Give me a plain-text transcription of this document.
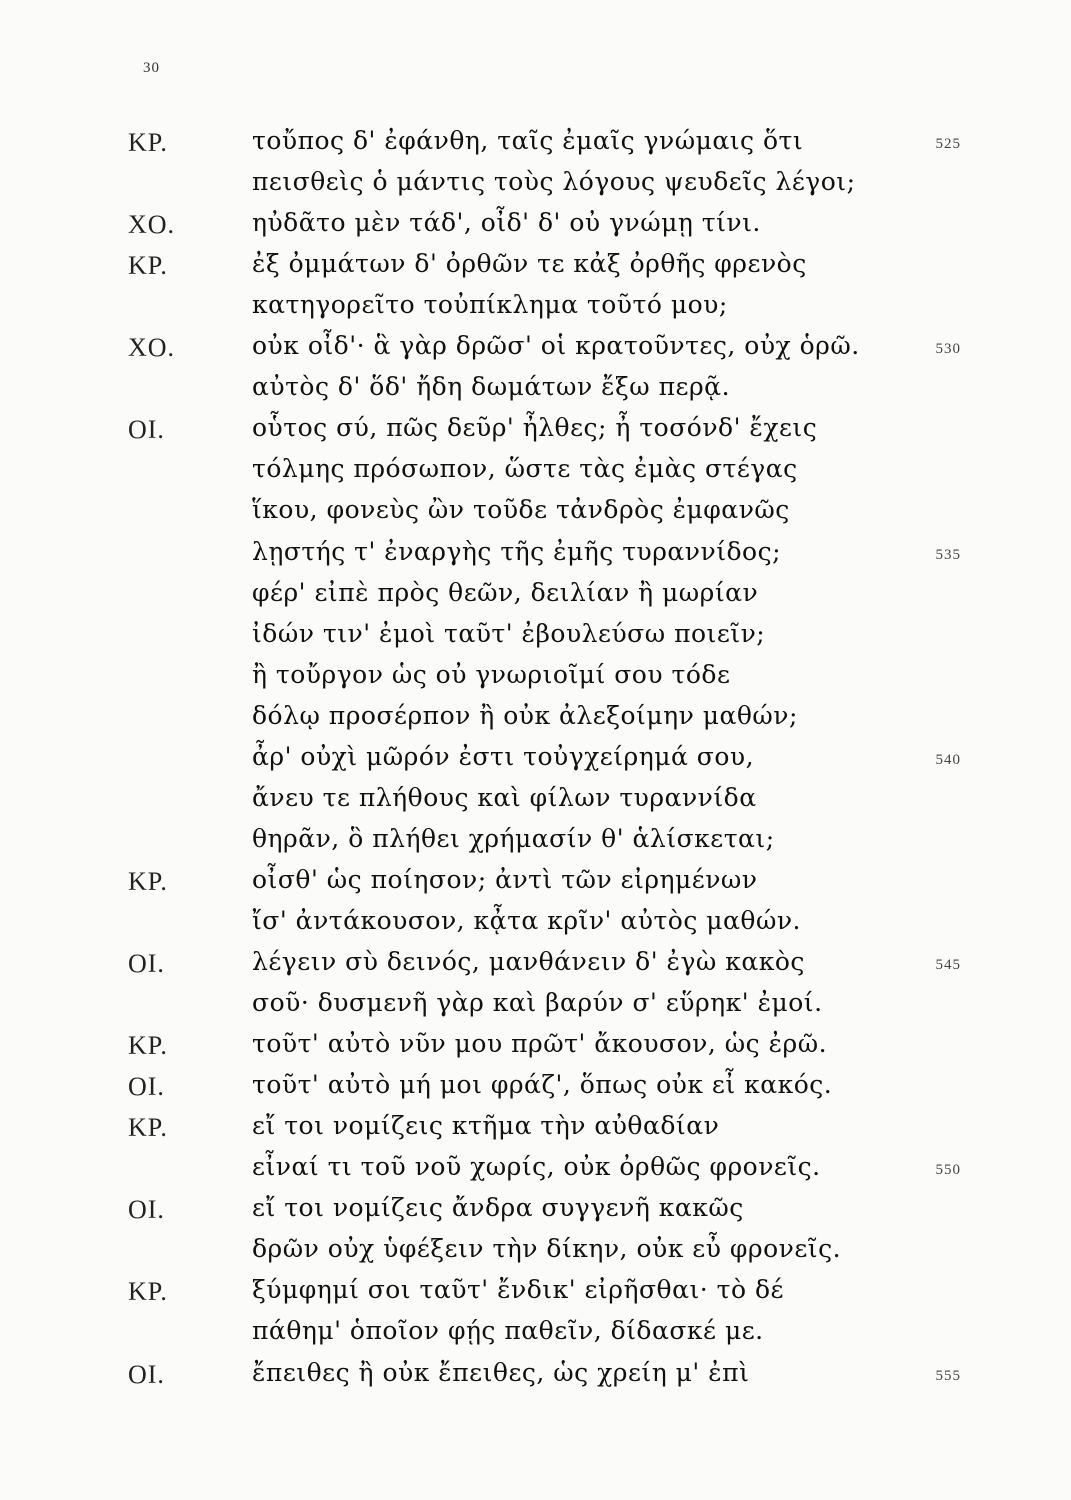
30
ΚΡ.	τοὔπος δ' ἐφάνθη, ταῖς ἐμαῖς γνώμαις ὅτι	525
πεισθεὶς ὁ μάντις τοὺς λόγους ψευδεῖς λέγοι;
ΧΟ.	ηὐδᾶτο μὲν τάδ', οἶδ' δ' οὐ γνώμῃ τίνι.
ΚΡ.	ἐξ ὀμμάτων δ' ὀρθῶν τε κἀξ ὀρθῆς φρενὸς
κατηγορεῖτο τοὐπίκλημα τοῦτό μου;
ΧΟ.	οὐκ οἶδ'· ἃ γὰρ δρῶσ' οἱ κρατοῦντες, οὐχ ὁρῶ.	530
αὐτὸς δ' ὅδ' ἤδη δωμάτων ἔξω περᾷ.
ΟΙ.	οὗτος σύ, πῶς δεῦρ' ἦλθες; ἦ τοσόνδ' ἔχεις
τόλμης πρόσωπον, ὥστε τὰς ἐμὰς στέγας
ἵκου, φονεὺς ὢν τοῦδε τἀνδρὸς ἐμφανῶς
λῃστής τ' ἐναργὴς τῆς ἐμῆς τυραννίδος;	535
φέρ' εἰπὲ πρὸς θεῶν, δειλίαν ἢ μωρίαν
ἰδών τιν' ἐμοὶ ταῦτ' ἐβουλεύσω ποιεῖν;
ἢ τοὔργον ὡς οὐ γνωριοῖμί σου τόδε
δόλῳ προσέρπον ἢ οὐκ ἀλεξοίμην μαθών;
ἆρ' οὐχὶ μῶρόν ἐστι τοὐγχείρημά σου,	540
ἄνευ τε πλήθους καὶ φίλων τυραννίδα
θηρᾶν, ὃ πλήθει χρήμασίν θ' ἁλίσκεται;
ΚΡ.	οἶσθ' ὡς ποίησον; ἀντὶ τῶν εἰρημένων
ἴσ' ἀντάκουσον, κᾆτα κρῖν' αὐτὸς μαθών.
ΟΙ.	λέγειν σὺ δεινός, μανθάνειν δ' ἐγὼ κακὸς	545
σοῦ· δυσμενῆ γὰρ καὶ βαρύν σ' εὕρηκ' ἐμοί.
ΚΡ.	τοῦτ' αὐτὸ νῦν μου πρῶτ' ἄκουσον, ὡς ἐρῶ.
ΟΙ.	τοῦτ' αὐτὸ μή μοι φράζ', ὅπως οὐκ εἶ κακός.
ΚΡ.	εἴ τοι νομίζεις κτῆμα τὴν αὐθαδίαν
εἶναί τι τοῦ νοῦ χωρίς, οὐκ ὀρθῶς φρονεῖς.	550
ΟΙ.	εἴ τοι νομίζεις ἄνδρα συγγενῆ κακῶς
δρῶν οὐχ ὑφέξειν τὴν δίκην, οὐκ εὖ φρονεῖς.
ΚΡ.	ξύμφημί σοι ταῦτ' ἔνδικ' εἰρῆσθαι· τὸ δέ
πάθημ' ὁποῖον φῄς παθεῖν, δίδασκέ με.
ΟΙ.	ἔπειθες ἢ οὐκ ἔπειθες, ὡς χρείη μ' ἐπὶ	555
